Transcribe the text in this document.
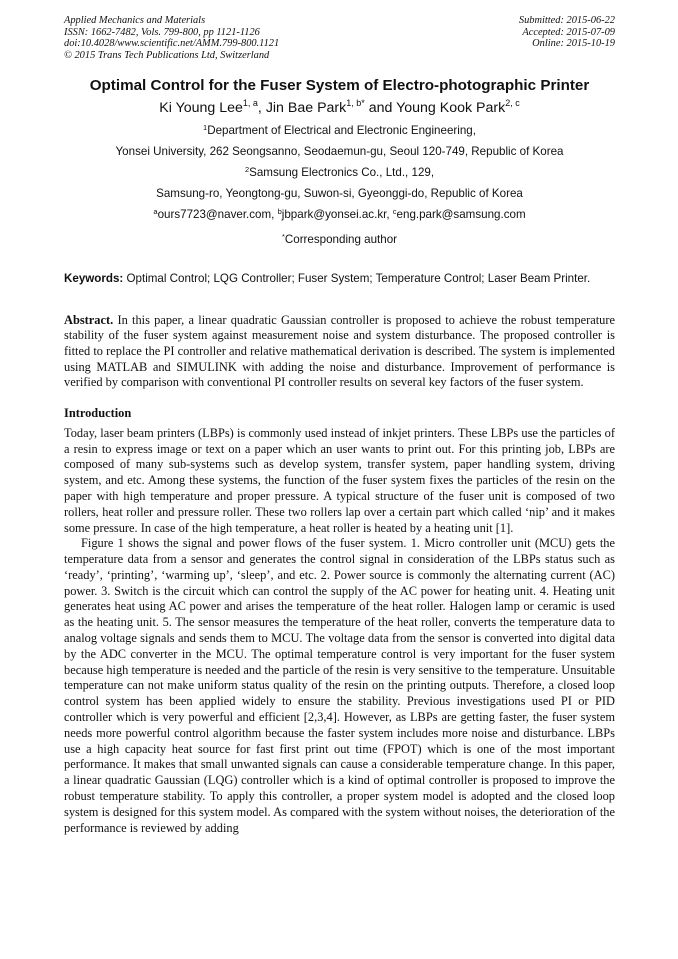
Applied Mechanics and Materials
ISSN: 1662-7482, Vols. 799-800, pp 1121-1126
doi:10.4028/www.scientific.net/AMM.799-800.1121
© 2015 Trans Tech Publications Ltd, Switzerland
Submitted: 2015-06-22
Accepted: 2015-07-09
Online: 2015-10-19
Optimal Control for the Fuser System of Electro-photographic Printer
Ki Young Lee$^{1, a}$, Jin Bae Park$^{1, b*}$ and Young Kook Park$^{2, c}$
$^1$Department of Electrical and Electronic Engineering,
Yonsei University, 262 Seongsanno, Seodaemun-gu, Seoul 120-749, Republic of Korea
$^2$Samsung Electronics Co., Ltd., 129,
Samsung-ro, Yeongtong-gu, Suwon-si, Gyeonggi-do, Republic of Korea
$^a$ours7723@naver.com, $^b$jbpark@yonsei.ac.kr, $^c$eng.park@samsung.com
*Corresponding author
Keywords: Optimal Control; LQG Controller; Fuser System; Temperature Control; Laser Beam Printer.
Abstract. In this paper, a linear quadratic Gaussian controller is proposed to achieve the robust temperature stability of the fuser system against measurement noise and system disturbance. The proposed controller is fitted to replace the PI controller and relative mathematical derivation is described. The system is implemented using MATLAB and SIMULINK with adding the noise and disturbance. Improvement of performance is verified by comparison with conventional PI controller results on several key factors of the fuser system.
Introduction

Today, laser beam printers (LBPs) is commonly used instead of inkjet printers. These LBPs use the particles of a resin to express image or text on a paper which an user wants to print out. For this printing job, LBPs are composed of many sub-systems such as develop system, transfer system, paper handling system, driving system, and etc. Among these systems, the function of the fuser system fixes the particles of the resin on the paper with high temperature and proper pressure. A typical structure of the fuser unit is composed of two rollers, heat roller and pressure roller. These two rollers lap over a certain part which called ‘nip’ and it makes some pressure. In case of the high temperature, a heat roller is heated by a heating unit [1].

Figure 1 shows the signal and power flows of the fuser system. 1. Micro controller unit (MCU) gets the temperature data from a sensor and generates the control signal in consideration of the LBPs status such as ‘ready’, ‘printing’, ‘warming up’, ‘sleep’, and etc. 2. Power source is commonly the alternating current (AC) power. 3. Switch is the circuit which can control the supply of the AC power for heating unit. 4. Heating unit generates heat using AC power and arises the temperature of the heat roller. Halogen lamp or ceramic is used as the heating unit. 5. The sensor measures the temperature of the heat roller, converts the temperature data to analog voltage signals and sends them to MCU. The voltage data from the sensor is converted into digital data by the ADC converter in the MCU. The optimal temperature control is very important for the fuser system because high temperature is needed and the particle of the resin is very sensitive to the temperature. Unsuitable temperature can not make uniform status quality of the resin on the printing outputs. Therefore, a closed loop control system has been applied widely to ensure the stability. Previous investigations used PI or PID controller which is very powerful and efficient [2,3,4]. However, as LBPs are getting faster, the fuser system needs more powerful control algorithm because the faster system includes more noise and disturbance. LBPs use a high capacity heat source for fast first print out time (FPOT) which is one of the most important performance. It makes that small unwanted signals can cause a considerable temperature change. In this paper, a linear quadratic Gaussian (LQG) controller which is a kind of optimal controller is proposed to improve the robust temperature stability. To apply this controller, a proper system model is adopted and the closed loop system is designed for this system model. As compared with the system without noises, the deterioration of the performance is reviewed by adding
